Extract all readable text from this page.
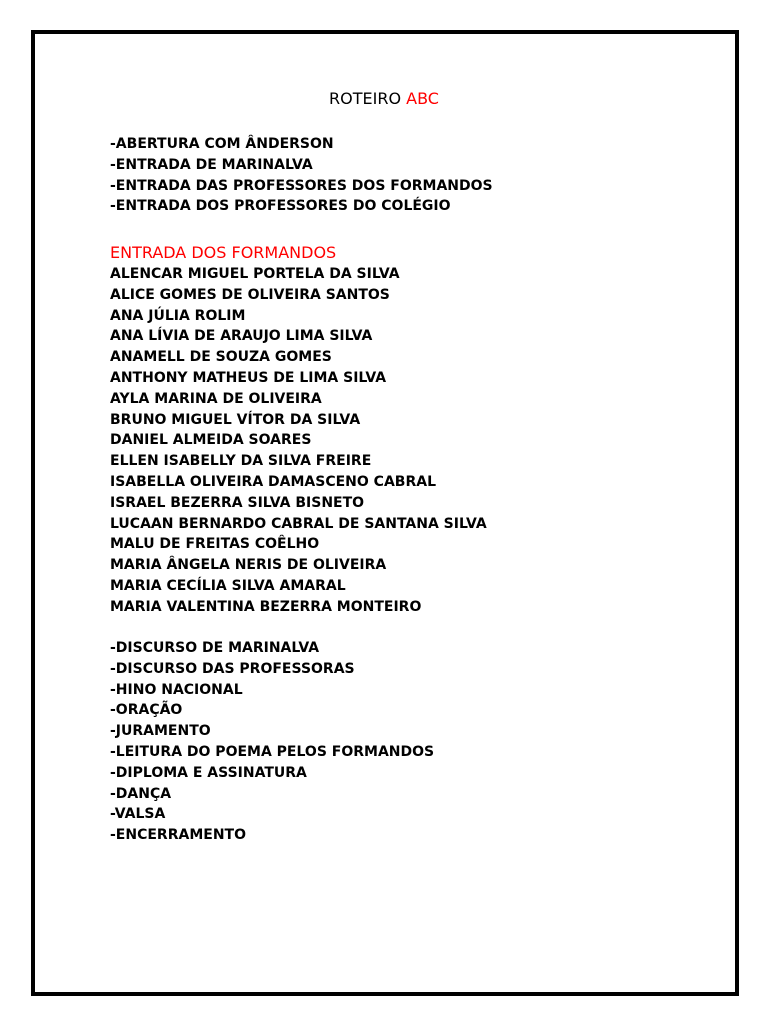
ROTEIRO ABC
-ABERTURA COM ÂNDERSON
-ENTRADA DE MARINALVA
-ENTRADA DAS PROFESSORES DOS FORMANDOS
-ENTRADA DOS PROFESSORES DO COLÉGIO
ENTRADA DOS FORMANDOS
ALENCAR MIGUEL PORTELA DA SILVA
ALICE GOMES DE OLIVEIRA SANTOS
ANA JÚLIA ROLIM
ANA LÍVIA DE ARAUJO LIMA SILVA
ANAMELL DE SOUZA GOMES
ANTHONY MATHEUS DE LIMA SILVA
AYLA MARINA DE OLIVEIRA
BRUNO MIGUEL VÍTOR DA SILVA
DANIEL ALMEIDA SOARES
ELLEN ISABELLY DA SILVA FREIRE
ISABELLA OLIVEIRA DAMASCENO CABRAL
ISRAEL BEZERRA SILVA BISNETO
LUCAAN BERNARDO CABRAL DE SANTANA SILVA
MALU DE FREITAS COÊLHO
MARIA ÂNGELA NERIS DE OLIVEIRA
MARIA CECÍLIA SILVA AMARAL
MARIA VALENTINA BEZERRA MONTEIRO
-DISCURSO DE MARINALVA
-DISCURSO DAS PROFESSORAS
-HINO NACIONAL
-ORAÇÃO
-JURAMENTO
-LEITURA DO POEMA PELOS FORMANDOS
-DIPLOMA E ASSINATURA
-DANÇA
-VALSA
-ENCERRAMENTO
